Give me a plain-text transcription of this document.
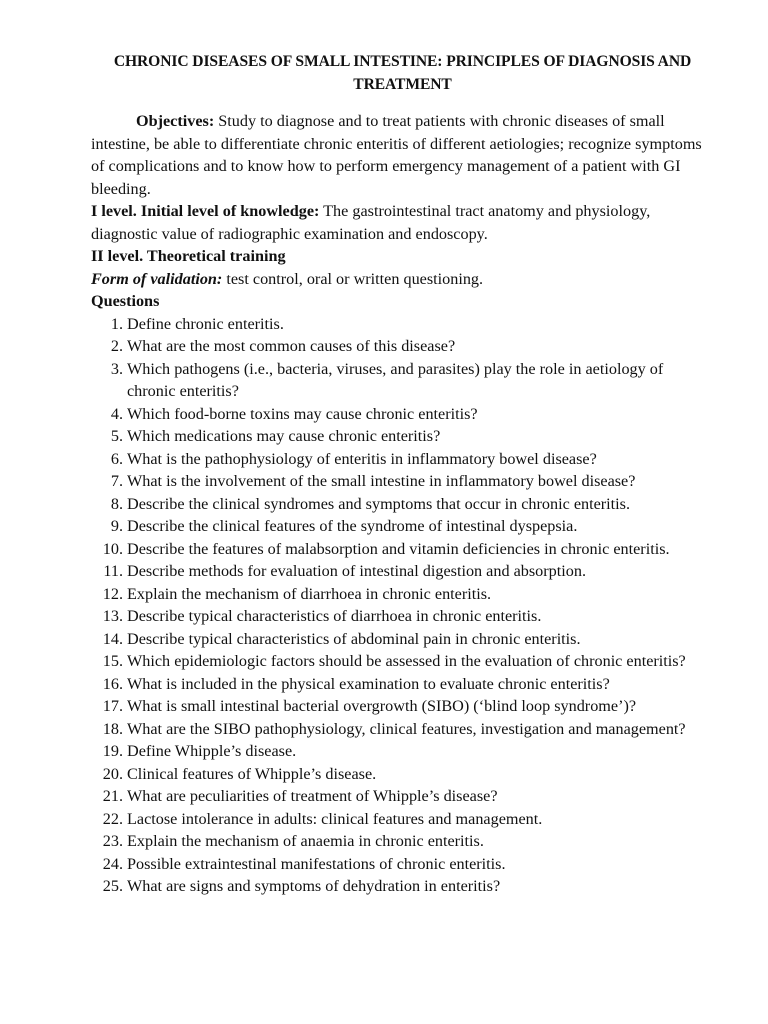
CHRONIC DISEASES OF SMALL INTESTINE: PRINCIPLES OF DIAGNOSIS AND TREATMENT

Objectives: Study to diagnose and to treat patients with chronic diseases of small intestine, be able to differentiate chronic enteritis of different aetiologies; recognize symptoms of complications and to know how to perform emergency management of a patient with GI bleeding.

I level. Initial level of knowledge: The gastrointestinal tract anatomy and physiology, diagnostic value of radiographic examination and endoscopy.

II level. Theoretical training

Form of validation: test control, oral or written questioning.

Questions

1. Define chronic enteritis.
2. What are the most common causes of this disease?
3. Which pathogens (i.e., bacteria, viruses, and parasites) play the role in aetiology of chronic enteritis?
4. Which food-borne toxins may cause chronic enteritis?
5. Which medications may cause chronic enteritis?
6. What is the pathophysiology of enteritis in inflammatory bowel disease?
7. What is the involvement of the small intestine in inflammatory bowel disease?
8. Describe the clinical syndromes and symptoms that occur in chronic enteritis.
9. Describe the clinical features of the syndrome of intestinal dyspepsia.
10. Describe the features of malabsorption and vitamin deficiencies in chronic enteritis.
11. Describe methods for evaluation of intestinal digestion and absorption.
12. Explain the mechanism of diarrhoea in chronic enteritis.
13. Describe typical characteristics of diarrhoea in chronic enteritis.
14. Describe typical characteristics of abdominal pain in chronic enteritis.
15. Which epidemiologic factors should be assessed in the evaluation of chronic enteritis?
16. What is included in the physical examination to evaluate chronic enteritis?
17. What is small intestinal bacterial overgrowth (SIBO) (‘blind loop syndrome’)?
18. What are the SIBO pathophysiology, clinical features, investigation and management?
19. Define Whipple’s disease.
20. Clinical features of Whipple’s disease.
21. What are peculiarities of treatment of Whipple’s disease?
22. Lactose intolerance in adults: clinical features and management.
23. Explain the mechanism of anaemia in chronic enteritis.
24. Possible extraintestinal manifestations of chronic enteritis.
25. What are signs and symptoms of dehydration in enteritis?
